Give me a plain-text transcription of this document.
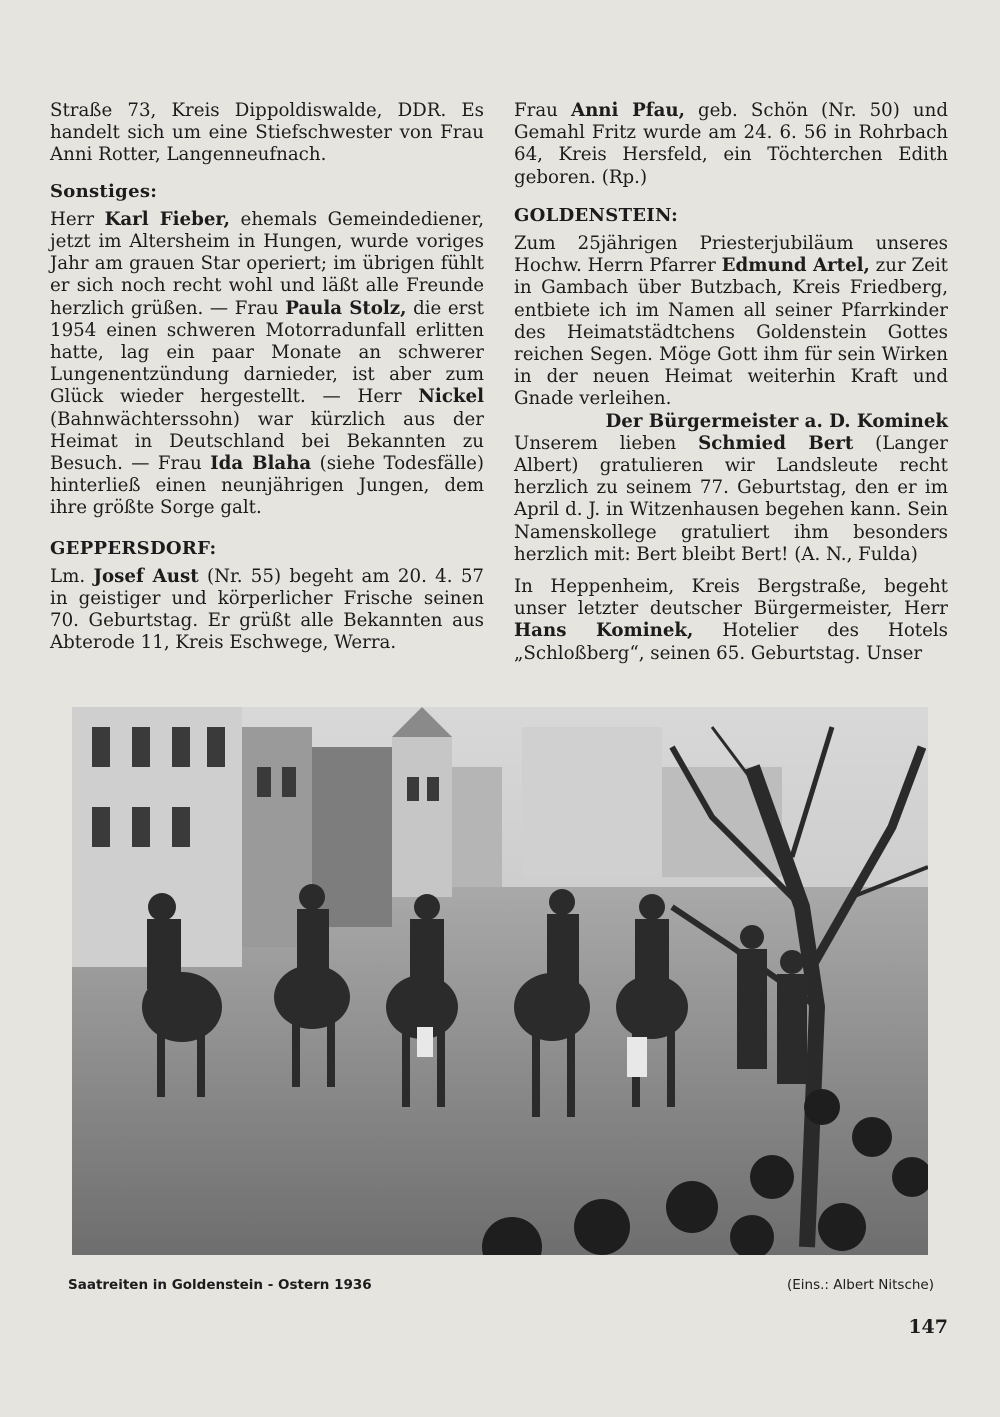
Straße 73, Kreis Dippoldiswalde, DDR. Es handelt sich um eine Stiefschwester von Frau Anni Rotter, Langenneufnach.

Sonstiges:

Herr Karl Fieber, ehemals Gemeindediener, jetzt im Altersheim in Hungen, wurde voriges Jahr am grauen Star operiert; im übrigen fühlt er sich noch recht wohl und läßt alle Freunde herzlich grüßen. — Frau Paula Stolz, die erst 1954 einen schweren Motorradunfall erlitten hatte, lag ein paar Monate an schwerer Lungenentzündung darnieder, ist aber zum Glück wieder hergestellt. — Herr Nickel (Bahnwächterssohn) war kürzlich aus der Heimat in Deutschland bei Bekannten zu Besuch. — Frau Ida Blaha (siehe Todesfälle) hinterließ einen neunjährigen Jungen, dem ihre größte Sorge galt.

GEPPERSDORF:

Lm. Josef Aust (Nr. 55) begeht am 20. 4. 57 in geistiger und körperlicher Frische seinen 70. Geburtstag. Er grüßt alle Bekannten aus Abterode 11, Kreis Eschwege, Werra.

Frau Anni Pfau, geb. Schön (Nr. 50) und Gemahl Fritz wurde am 24. 6. 56 in Rohrbach 64, Kreis Hersfeld, ein Töchterchen Edith geboren. (Rp.)

GOLDENSTEIN:

Zum 25jährigen Priesterjubiläum unseres Hochw. Herrn Pfarrer Edmund Artel, zur Zeit in Gambach über Butzbach, Kreis Friedberg, entbiete ich im Namen all seiner Pfarrkinder des Heimatstädtchens Goldenstein Gottes reichen Segen. Möge Gott ihm für sein Wirken in der neuen Heimat weiterhin Kraft und Gnade verleihen.

Der Bürgermeister a. D. Kominek

Unserem lieben Schmied Bert (Langer Albert) gratulieren wir Landsleute recht herzlich zu seinem 77. Geburtstag, den er im April d. J. in Witzenhausen begehen kann. Sein Namenskollege gratuliert ihm besonders herzlich mit: Bert bleibt Bert! (A. N., Fulda)

In Heppenheim, Kreis Bergstraße, begeht unser letzter deutscher Bürgermeister, Herr Hans Kominek, Hotelier des Hotels „Schloßberg“, seinen 65. Geburtstag. Unser

Saatreiten in Goldenstein - Ostern 1936	(Eins.: Albert Nitsche)
147
